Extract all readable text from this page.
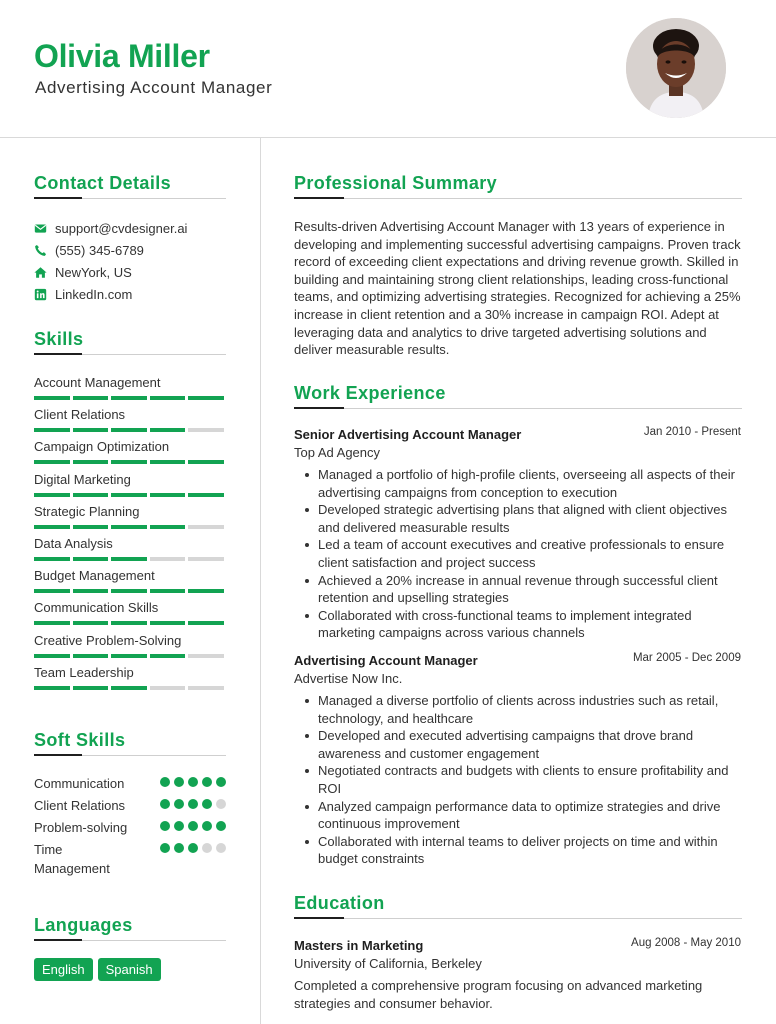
Olivia Miller
Advertising Account Manager
Contact Details
support@cvdesigner.ai
(555) 345-6789
NewYork, US
LinkedIn.com
Skills
Account Management
Client Relations
Campaign Optimization
Digital Marketing
Strategic Planning
Data Analysis
Budget Management
Communication Skills
Creative Problem-Solving
Team Leadership
Soft Skills
Communication
Client Relations
Problem-solving
Time Management
Languages
English	Spanish
Professional Summary
Results-driven Advertising Account Manager with 13 years of experience in developing and implementing successful advertising campaigns. Proven track record of exceeding client expectations and driving revenue growth. Skilled in building and maintaining strong client relationships, leading cross-functional teams, and optimizing advertising strategies. Recognized for achieving a 25% increase in client retention and a 30% increase in campaign ROI. Adept at leveraging data and analytics to drive targeted advertising solutions and deliver measurable results.
Work Experience
Senior Advertising Account Manager	Jan 2010 - Present
Top Ad Agency
Managed a portfolio of high-profile clients, overseeing all aspects of their advertising campaigns from conception to execution
Developed strategic advertising plans that aligned with client objectives and delivered measurable results
Led a team of account executives and creative professionals to ensure client satisfaction and project success
Achieved a 20% increase in annual revenue through successful client retention and upselling strategies
Collaborated with cross-functional teams to implement integrated marketing campaigns across various channels
Advertising Account Manager	Mar 2005 - Dec 2009
Advertise Now Inc.
Managed a diverse portfolio of clients across industries such as retail, technology, and healthcare
Developed and executed advertising campaigns that drove brand awareness and customer engagement
Negotiated contracts and budgets with clients to ensure profitability and ROI
Analyzed campaign performance data to optimize strategies and drive continuous improvement
Collaborated with internal teams to deliver projects on time and within budget constraints
Education
Masters in Marketing	Aug 2008 - May 2010
University of California, Berkeley
Completed a comprehensive program focusing on advanced marketing strategies and consumer behavior.
